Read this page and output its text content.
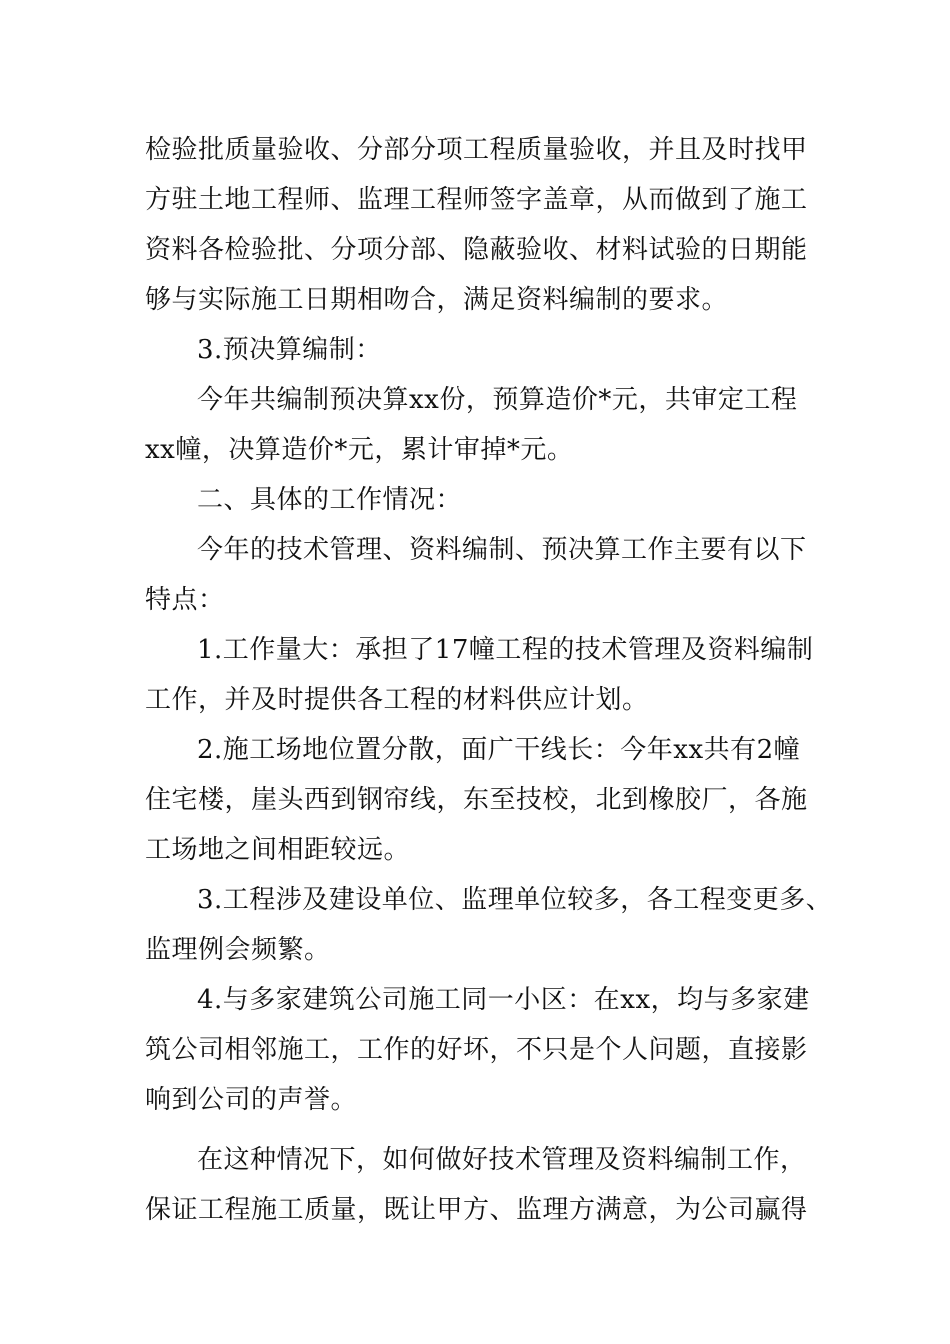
检验批质量验收、分部分项工程质量验收，并且及时找甲
方驻土地工程师、监理工程师签字盖章，从而做到了施工
资料各检验批、分项分部、隐蔽验收、材料试验的日期能
够与实际施工日期相吻合，满足资料编制的要求。
3.预决算编制：
今年共编制预决算xx份，预算造价*元，共审定工程
xx幢，决算造价*元，累计审掉*元。
二、具体的工作情况：
今年的技术管理、资料编制、预决算工作主要有以下
特点：
1.工作量大：承担了17幢工程的技术管理及资料编制
工作，并及时提供各工程的材料供应计划。
2.施工场地位置分散，面广干线长：今年xx共有2幢
住宅楼，崖头西到钢帘线，东至技校，北到橡胶厂，各施
工场地之间相距较远。
3.工程涉及建设单位、监理单位较多，各工程变更多、
监理例会频繁。
4.与多家建筑公司施工同一小区：在xx，均与多家建
筑公司相邻施工，工作的好坏，不只是个人问题，直接影
响到公司的声誉。
在这种情况下，如何做好技术管理及资料编制工作，
保证工程施工质量，既让甲方、监理方满意，为公司赢得
